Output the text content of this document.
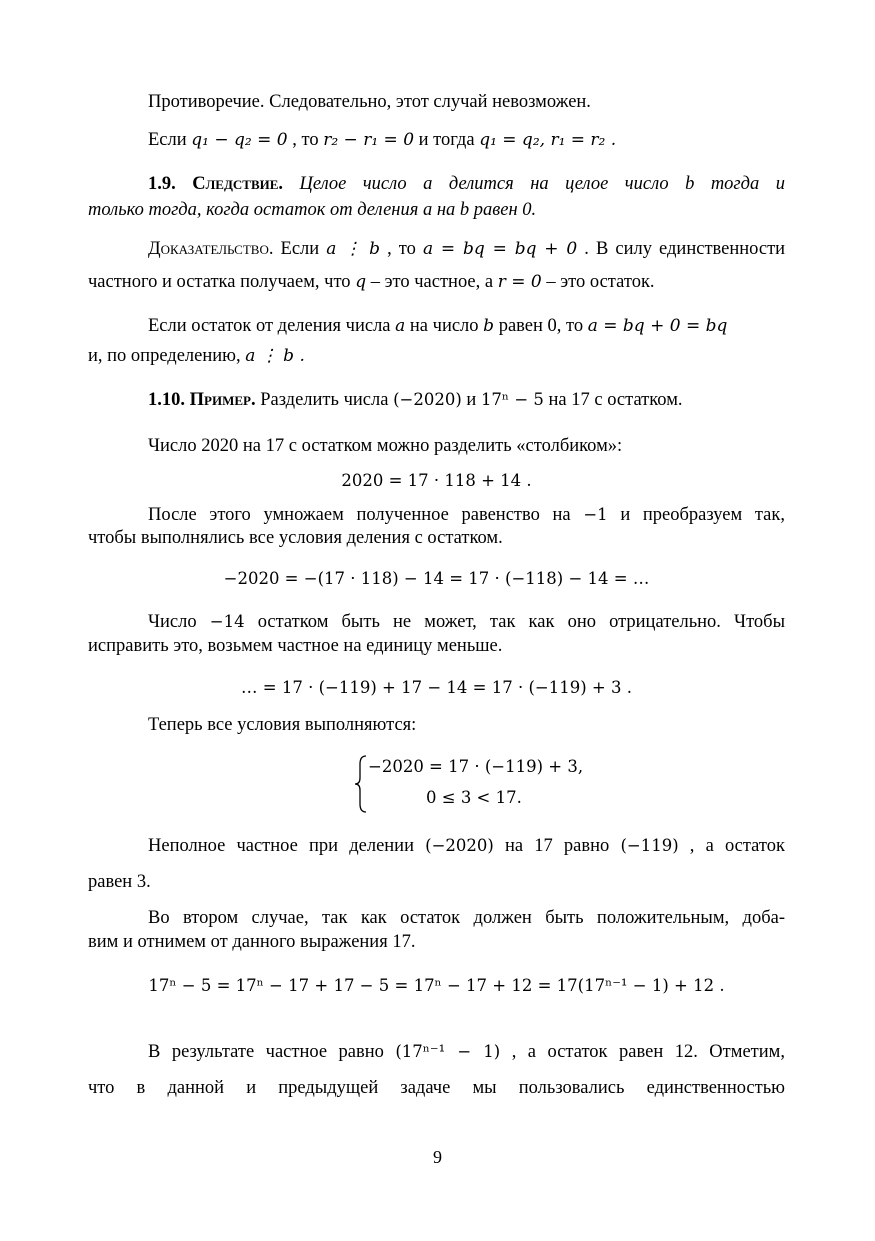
Противоречие. Следовательно, этот случай невозможен.
Если q₁ − q₂ = 0 , то r₂ − r₁ = 0 и тогда q₁ = q₂, r₁ = r₂ .
1.9. Следствие. Целое число a делится на целое число b тогда и
только тогда, когда остаток от деления a на b равен 0.
Доказательство. Если a ⋮ b , то a = bq = bq + 0 . В силу единственности
частного и остатка получаем, что q – это частное, а r = 0 – это остаток.
Если остаток от деления числа a на число b равен 0, то a = bq + 0 = bq
и, по определению, a ⋮ b .
1.10. Пример. Разделить числа (−2020) и 17ⁿ − 5 на 17 с остатком.
Число 2020 на 17 с остатком можно разделить «столбиком»:
2020 = 17 · 118 + 14 .
После этого умножаем полученное равенство на −1 и преобразуем так,
чтобы выполнялись все условия деления с остатком.
−2020 = −(17 · 118) − 14 = 17 · (−118) − 14 = …
Число −14 остатком быть не может, так как оно отрицательно. Чтобы
исправить это, возьмем частное на единицу меньше.
… = 17 · (−119) + 17 − 14 = 17 · (−119) + 3 .
Теперь все условия выполняются:
−2020 = 17 · (−119) + 3,
0 ≤ 3 < 17.
Неполное частное при делении (−2020) на 17 равно (−119) , а остаток
равен 3.
Во втором случае, так как остаток должен быть положительным, доба-
вим и отнимем от данного выражения 17.
17ⁿ − 5 = 17ⁿ − 17 + 17 − 5 = 17ⁿ − 17 + 12 = 17(17ⁿ⁻¹ − 1) + 12 .
В результате частное равно (17ⁿ⁻¹ − 1) , а остаток равен 12. Отметим,
что в данной и предыдущей задаче мы пользовались единственностью
9
